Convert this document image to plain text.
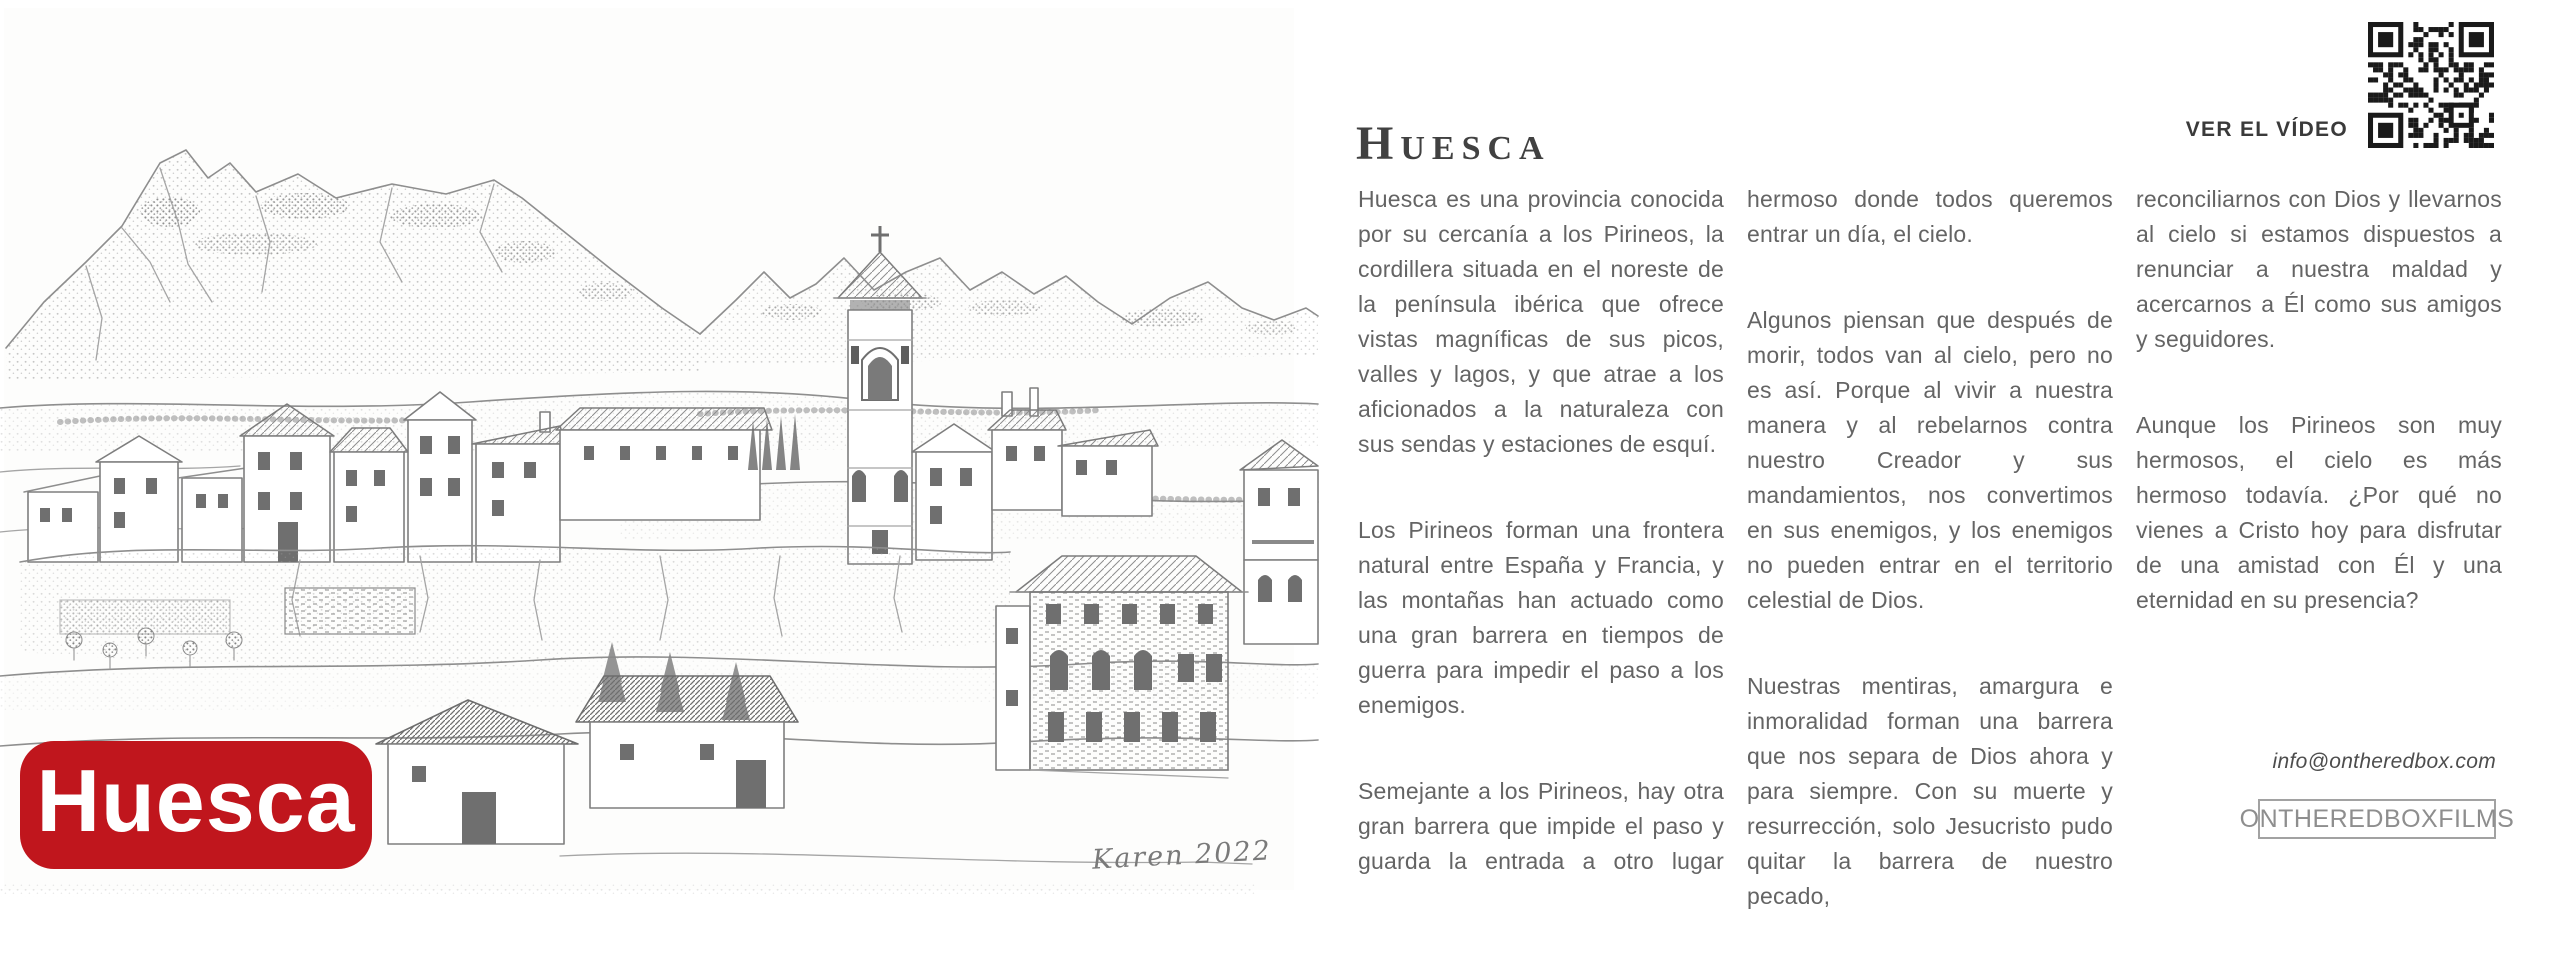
Huesca
Karen 2022
Huesca

Huesca es una provincia conocida por su cercanía a los Pirineos, la cordillera situada en el noreste de la península ibérica que ofrece vistas magníficas de sus picos, valles y lagos, y que atrae a los aficionados a la naturaleza con sus sendas y estaciones de esquí.

Los Pirineos forman una frontera natural entre España y Francia, y las montañas han actuado como una gran barrera en tiempos de guerra para impedir el paso a los enemigos.

Semejante a los Pirineos, hay otra gran barrera que impide el paso y guarda la entrada a otro lugar

hermoso donde todos queremos entrar un día, el cielo.

Algunos piensan que después de morir, todos van al cielo, pero no es así. Porque al vivir a nuestra manera y al rebelarnos contra nuestro Creador y sus mandamientos, nos convertimos en sus enemigos, y los enemigos no pueden entrar en el territorio celestial de Dios.

Nuestras mentiras, amargura e inmoralidad forman una barrera que nos separa de Dios ahora y para siempre. Con su muerte y resurrección, solo Jesucristo pudo quitar la barrera de nuestro pecado,

reconciliarnos con Dios y llevarnos al cielo si estamos dispuestos a renunciar a nuestra maldad y acercarnos a Él como sus amigos y seguidores.

Aunque los Pirineos son muy hermosos, el cielo es más hermoso todavía. ¿Por qué no vienes a Cristo hoy para disfrutar de una amistad con Él y una eternidad en su presencia?

VER EL VÍDEO
info@ontheredbox.com
ONTHEREDBOXFILMS
